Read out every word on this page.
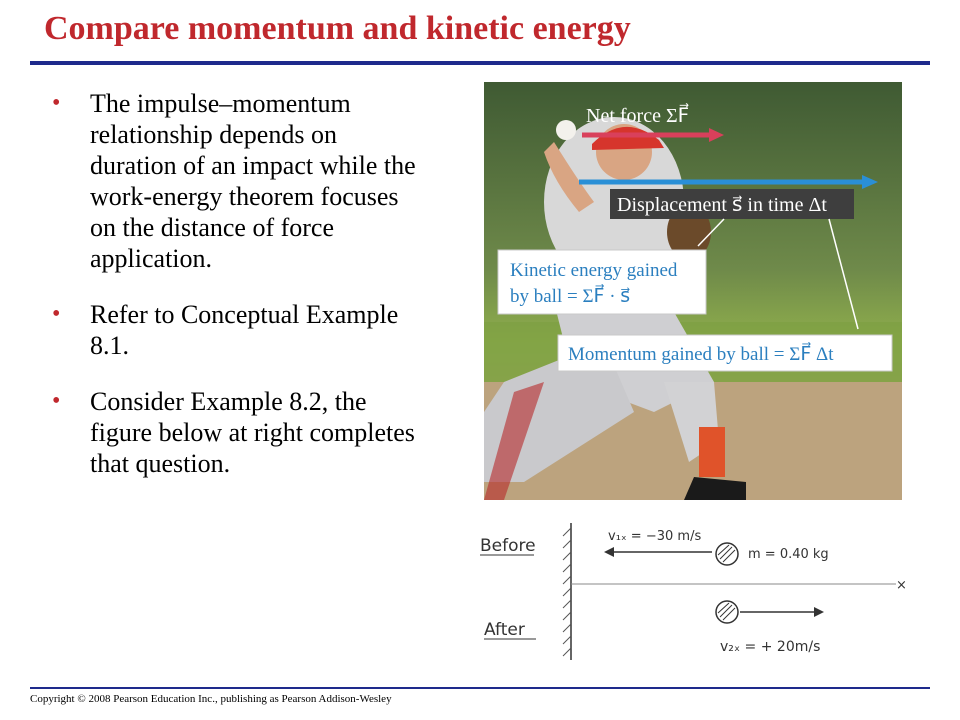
Compare momentum and kinetic energy
• The impulse–momentum relationship depends on duration of an impact while the work-energy theorem focuses on the distance of force application.
• Refer to Conceptual Example 8.1.
• Consider Example 8.2, the figure below at right completes that question.
Net force ΣF⃗
Displacement s⃗ in time Δt
Kinetic energy gained
by ball = ΣF⃗ · s⃗
Momentum gained by ball = ΣF⃗ Δt
Before
After
×
v₁ₓ = −30 m/s
m = 0.40 kg
v₂ₓ = + 20m/s
Copyright © 2008 Pearson Education Inc., publishing as Pearson Addison-Wesley
